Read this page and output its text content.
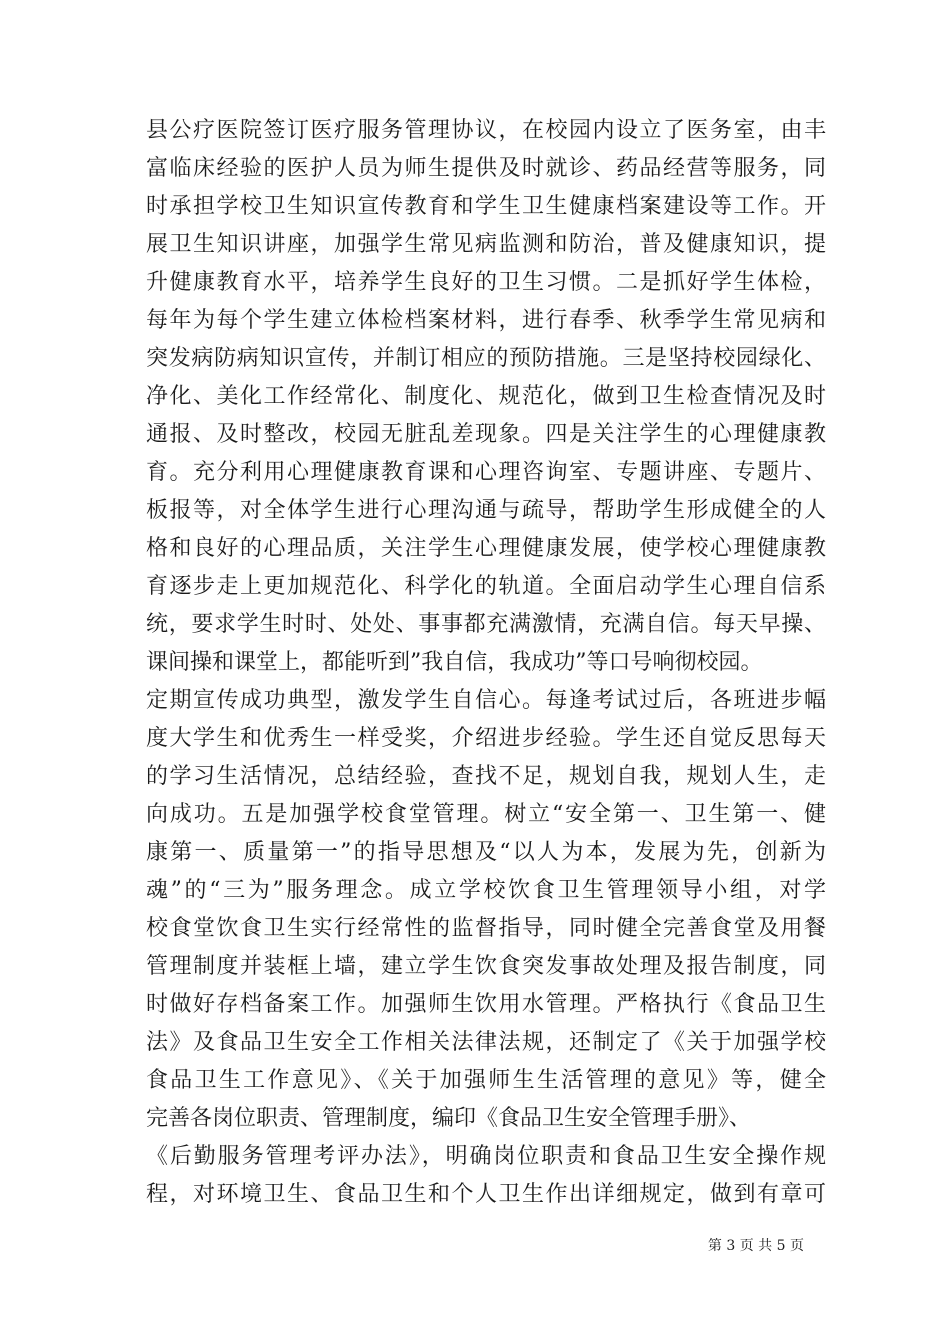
县公疗医院签订医疗服务管理协议，在校园内设立了医务室，由丰
富临床经验的医护人员为师生提供及时就诊、药品经营等服务，同
时承担学校卫生知识宣传教育和学生卫生健康档案建设等工作。开
展卫生知识讲座，加强学生常见病监测和防治，普及健康知识，提
升健康教育水平，培养学生良好的卫生习惯。二是抓好学生体检，
每年为每个学生建立体检档案材料，进行春季、秋季学生常见病和
突发病防病知识宣传，并制订相应的预防措施。三是坚持校园绿化、
净化、美化工作经常化、制度化、规范化，做到卫生检查情况及时
通报、及时整改，校园无脏乱差现象。四是关注学生的心理健康教
育。充分利用心理健康教育课和心理咨询室、专题讲座、专题片、
板报等，对全体学生进行心理沟通与疏导，帮助学生形成健全的人
格和良好的心理品质，关注学生心理健康发展，使学校心理健康教
育逐步走上更加规范化、科学化的轨道。全面启动学生心理自信系
统，要求学生时时、处处、事事都充满激情，充满自信。每天早操、
课间操和课堂上，都能听到”我自信，我成功”等口号响彻校园。
定期宣传成功典型，激发学生自信心。每逢考试过后，各班进步幅
度大学生和优秀生一样受奖，介绍进步经验。学生还自觉反思每天
的学习生活情况，总结经验，查找不足，规划自我，规划人生，走
向成功。五是加强学校食堂管理。树立“安全第一、卫生第一、健
康第一、质量第一”的指导思想及“以人为本，发展为先，创新为
魂”的“三为”服务理念。成立学校饮食卫生管理领导小组，对学
校食堂饮食卫生实行经常性的监督指导，同时健全完善食堂及用餐
管理制度并装框上墙，建立学生饮食突发事故处理及报告制度，同
时做好存档备案工作。加强师生饮用水管理。严格执行《食品卫生
法》及食品卫生安全工作相关法律法规，还制定了《关于加强学校
食品卫生工作意见》、《关于加强师生生活管理的意见》等，健全
完善各岗位职责、管理制度，编印《食品卫生安全管理手册》、
《后勤服务管理考评办法》，明确岗位职责和食品卫生安全操作规
程，对环境卫生、食品卫生和个人卫生作出详细规定，做到有章可
第 3 页 共 5 页
